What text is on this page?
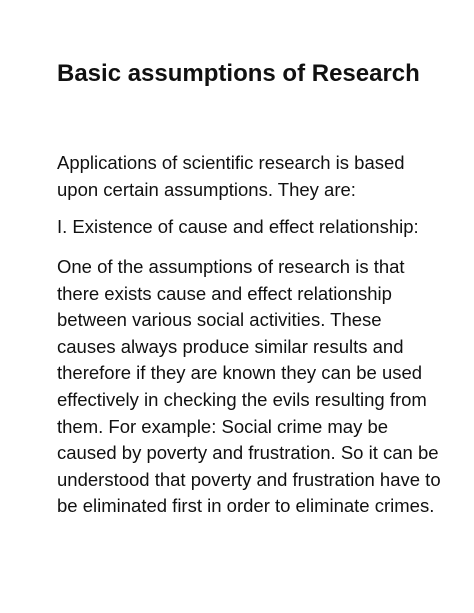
Basic assumptions of Research

Applications of scientific research is based upon certain assumptions. They are:

I. Existence of cause and effect relationship:

One of the assumptions of research is that there exists cause and effect relationship between various social activities. These causes always produce similar results and therefore if they are known they can be used effectively in checking the evils resulting from them. For example: Social crime may be caused by poverty and frustration. So it can be understood that poverty and frustration have to be eliminated first in order to eliminate crimes.
